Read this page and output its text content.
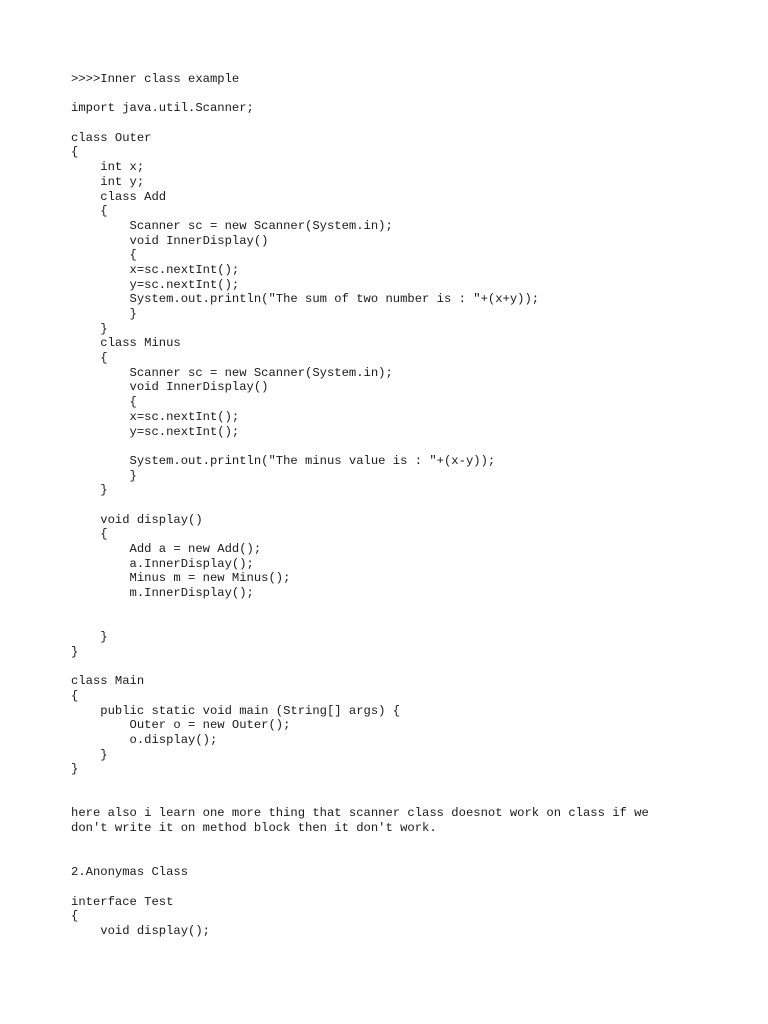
>>>>Inner class example
import java.util.Scanner;
class Outer
{
int x;
int y;
class Add
{
Scanner sc = new Scanner(System.in);
void InnerDisplay()
{
x=sc.nextInt();
y=sc.nextInt();
System.out.println("The sum of two number is : "+(x+y));
}
}
class Minus
{
Scanner sc = new Scanner(System.in);
void InnerDisplay()
{
x=sc.nextInt();
y=sc.nextInt();
System.out.println("The minus value is : "+(x-y));
}
}
void display()
{
Add a = new Add();
a.InnerDisplay();
Minus m = new Minus();
m.InnerDisplay();
}
}
class Main
{
public static void main (String[] args) {
Outer o = new Outer();
o.display();
}
}
here also i learn one more thing that scanner class doesnot work on class if we
don't write it on method block then it don't work.
2.Anonymas Class
interface Test
{
void display();
